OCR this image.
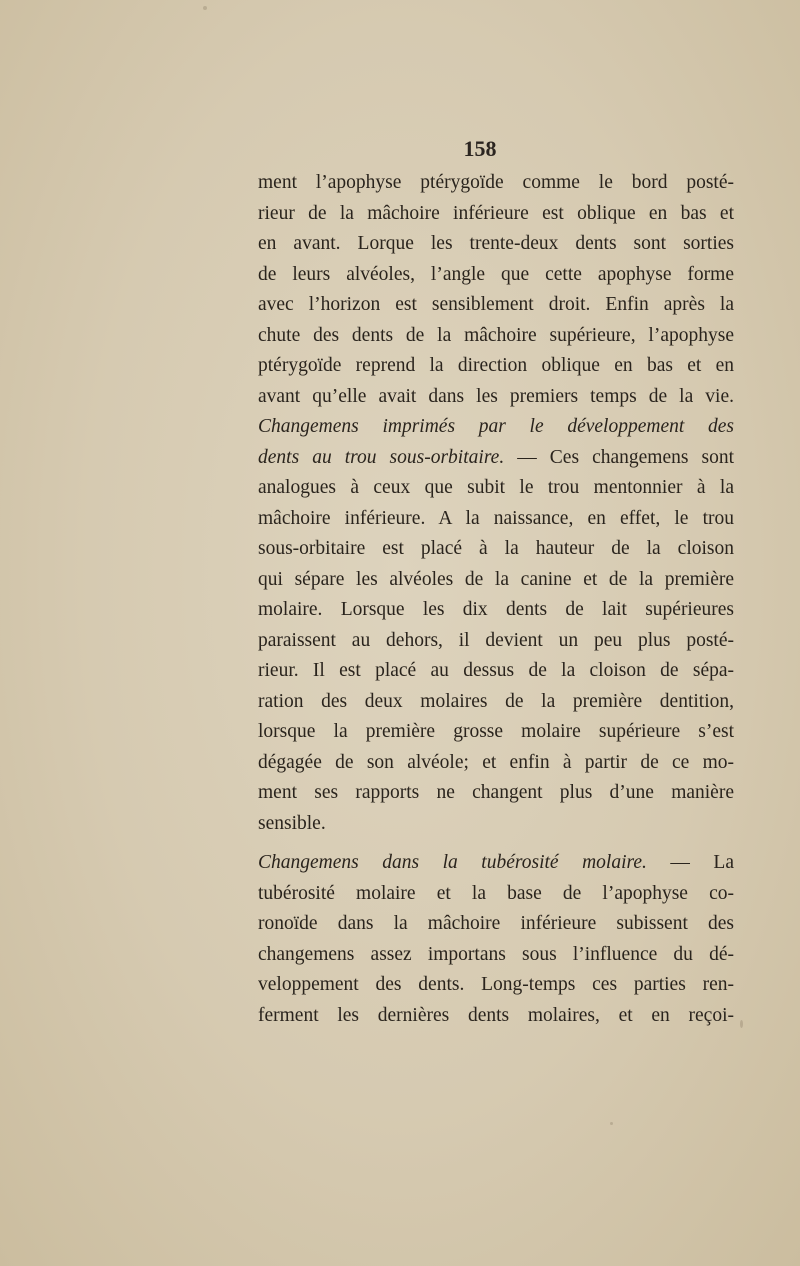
158
ment l’apophyse ptérygoïde comme le bord posté-
rieur de la mâchoire inférieure est oblique en bas et
en avant. Lorque les trente-deux dents sont sorties
de leurs alvéoles, l’angle que cette apophyse forme
avec l’horizon est sensiblement droit. Enfin après la
chute des dents de la mâchoire supérieure, l’apophyse
ptérygoïde reprend la direction oblique en bas et en
avant qu’elle avait dans les premiers temps de la vie.
Changemens imprimés par le développement des
dents au trou sous-orbitaire. — Ces changemens sont
analogues à ceux que subit le trou mentonnier à la
mâchoire inférieure. A la naissance, en effet, le trou
sous-orbitaire est placé à la hauteur de la cloison
qui sépare les alvéoles de la canine et de la première
molaire. Lorsque les dix dents de lait supérieures
paraissent au dehors, il devient un peu plus posté-
rieur. Il est placé au dessus de la cloison de sépa-
ration des deux molaires de la première dentition,
lorsque la première grosse molaire supérieure s’est
dégagée de son alvéole; et enfin à partir de ce mo-
ment ses rapports ne changent plus d’une manière
sensible.
Changemens dans la tubérosité molaire. — La
tubérosité molaire et la base de l’apophyse co-
ronoïde dans la mâchoire inférieure subissent des
changemens assez importans sous l’influence du dé-
veloppement des dents. Long-temps ces parties ren-
ferment les dernières dents molaires, et en reçoi-
